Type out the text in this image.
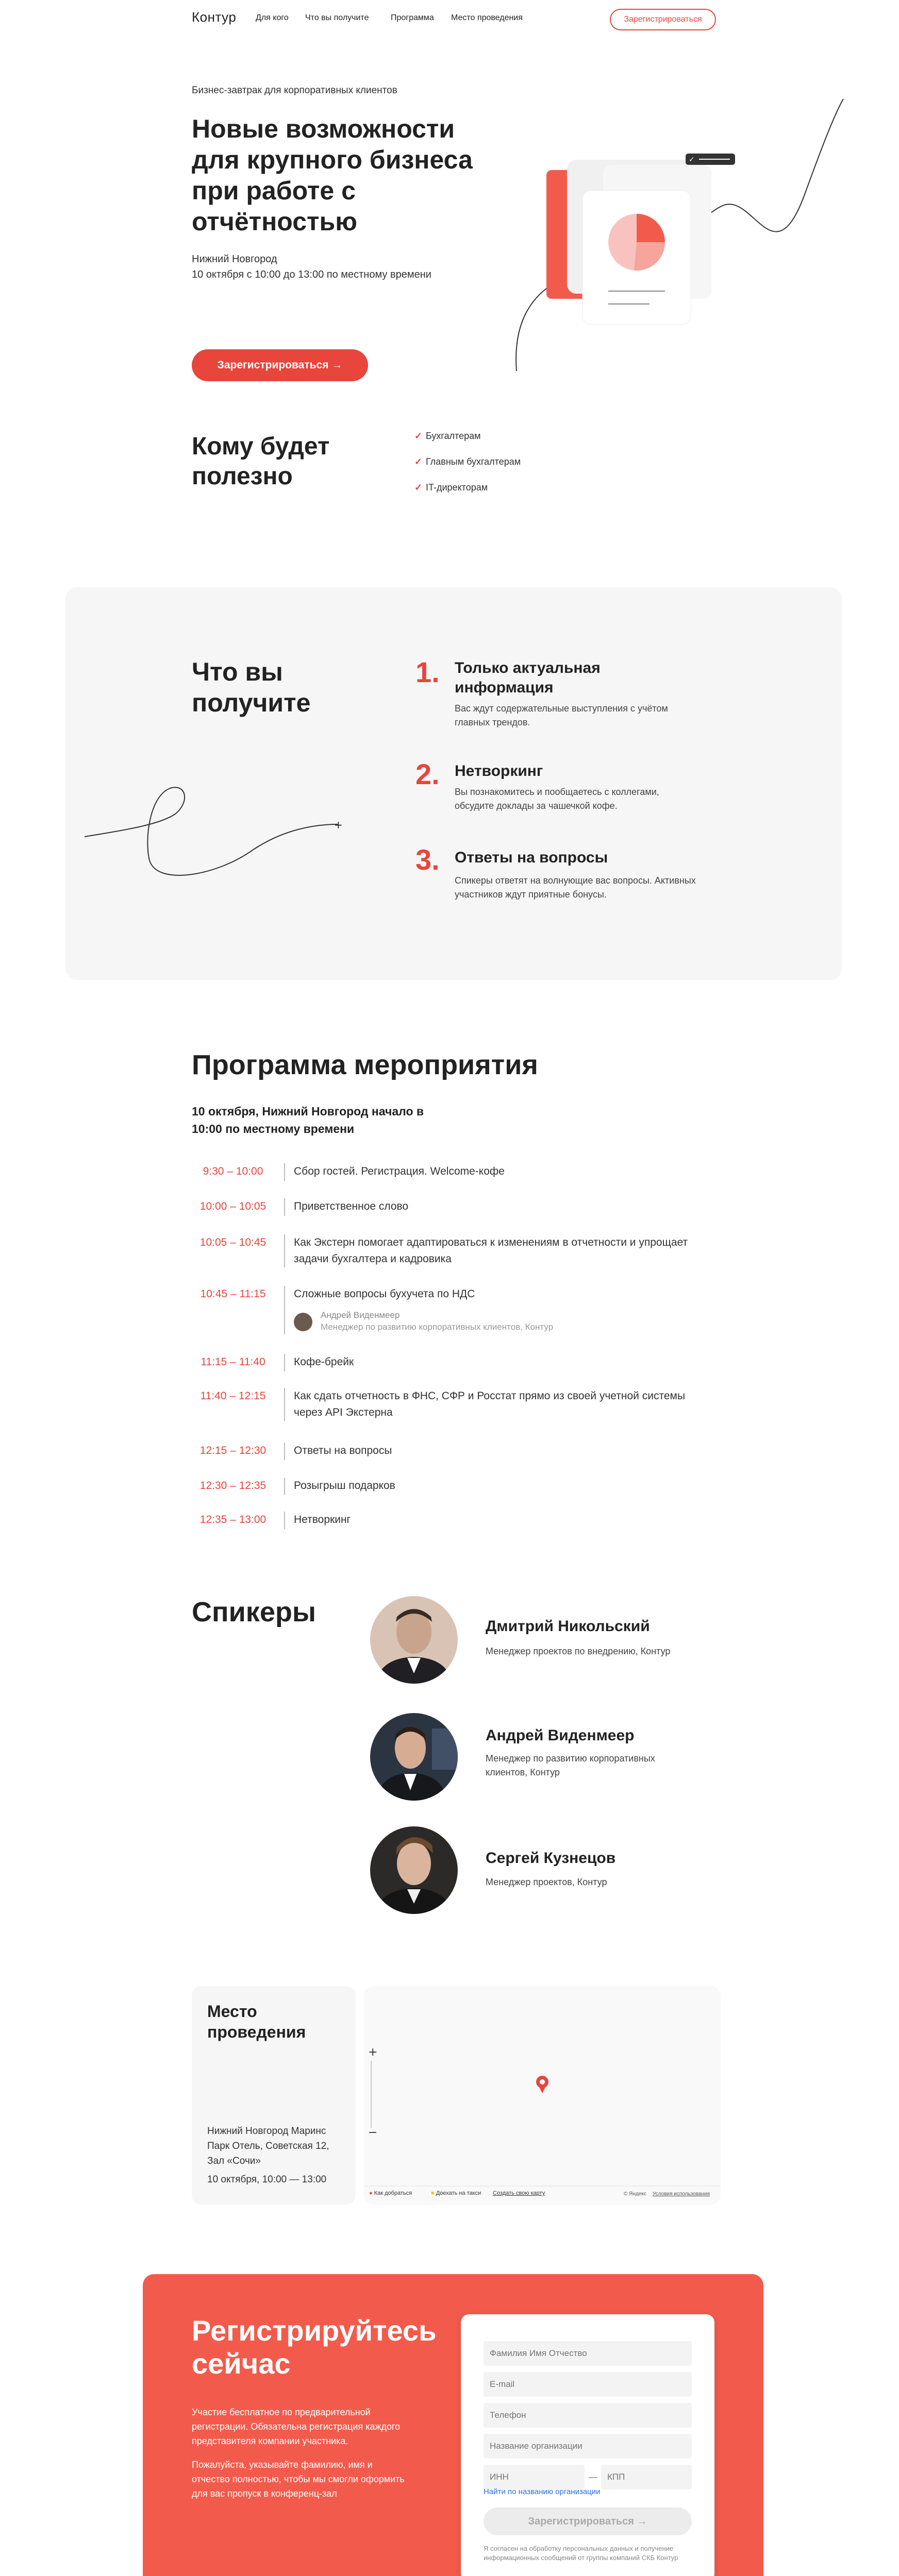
Контур Для кого Что вы получите	Программа Место проведения	Зарегистрироваться
Бизнес-завтрак для корпоративных клиентов
Новые возможности для крупного бизнеса при работе с отчётностью
Нижний Новгород
10 октября с 10:00 до 13:00 по местному времени
Зарегистрироваться →
✓
Кому будет полезно
✓ Бухгалтерам
✓ Главным бухгалтерам
✓ IT-директорам
Что вы получите
+
1. Только актуальная информация
Вас ждут содержательные выступления с учётом главных трендов.
2. Нетворкинг
Вы познакомитесь и пообщаетесь с коллегами, обсудите доклады за чашечкой кофе.
3. Ответы на вопросы
Спикеры ответят на волнующие вас вопросы. Активных участников ждут приятные бонусы.
Программа мероприятия
10 октября, Нижний Новгород начало в 10:00 по местному времени
9:30 – 10:00	Сбор гостей. Регистрация. Welcome-кофе
10:00 – 10:05	Приветственное слово
10:05 – 10:45	Как Экстерн помогает адаптироваться к изменениям в отчетности и упрощает задачи бухгалтера и кадровика
10:45 – 11:15	Сложные вопросы бухучета по НДС
Андрей Виденмеер
Менеджер по развитию корпоративных клиентов, Контур
11:15 – 11:40	Кофе-брейк
11:40 – 12:15	Как сдать отчетность в ФНС, СФР и Росстат прямо из своей учетной системы через API Экстерна
12:15 – 12:30	Ответы на вопросы
12:30 – 12:35	Розыгрыш подарков
12:35 – 13:00	Нетворкинг
Спикеры	Дмитрий Никольский
Менеджер проектов по внедрению, Контур
Андрей Виденмеер
Менеджер по развитию корпоративных клиентов, Контур
Сергей Кузнецов
Менеджер проектов, Контур
Место проведения
Нижний Новгород Маринс Парк Отель, Советская 12, Зал «Сочи»
10 октября, 10:00 — 13:00
+
−
● Как добраться	■ Доехать на такси Создать свою карту	© Яндекс Условия использования
Регистрируйтесь сейчас
Участие бесплатное по предварительной регистрации. Обязательна регистрация каждого представителя компании участника.
Пожалуйста, указывайте фамилию, имя и отчество полностью, чтобы мы смогли оформить для вас пропуск в конференц-зал
Фамилия Имя Отчество
E-mail
Телефон
Название организации
ИНН
—
КПП
Найти по названию организации
Зарегистрироваться →
Я согласен на обработку персональных данных и получение информационных сообщений от группы компаний СКБ Контур
